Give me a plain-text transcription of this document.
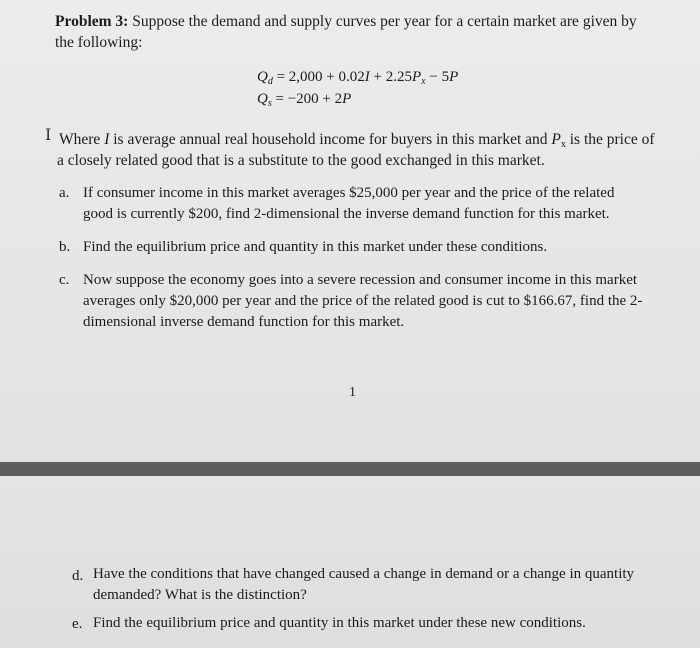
Problem 3: Suppose the demand and supply curves per year for a certain market are given by
the following:
$Q_d = 2,000 + 0.02I + 2.25P_x - 5P$
$Q_s = -200 + 2P$
I Where I is average annual real household income for buyers in this market and $P_x$ is the price of
a closely related good that is a substitute to the good exchanged in this market.
a. If consumer income in this market averages $25,000 per year and the price of the related
good is currently $200, find 2-dimensional the inverse demand function for this market.
b. Find the equilibrium price and quantity in this market under these conditions.
c. Now suppose the economy goes into a severe recession and consumer income in this market
averages only $20,000 per year and the price of the related good is cut to $166.67, find the 2-
dimensional inverse demand function for this market.
1
d. Have the conditions that have changed caused a change in demand or a change in quantity
demanded? What is the distinction?
e. Find the equilibrium price and quantity in this market under these new conditions.
